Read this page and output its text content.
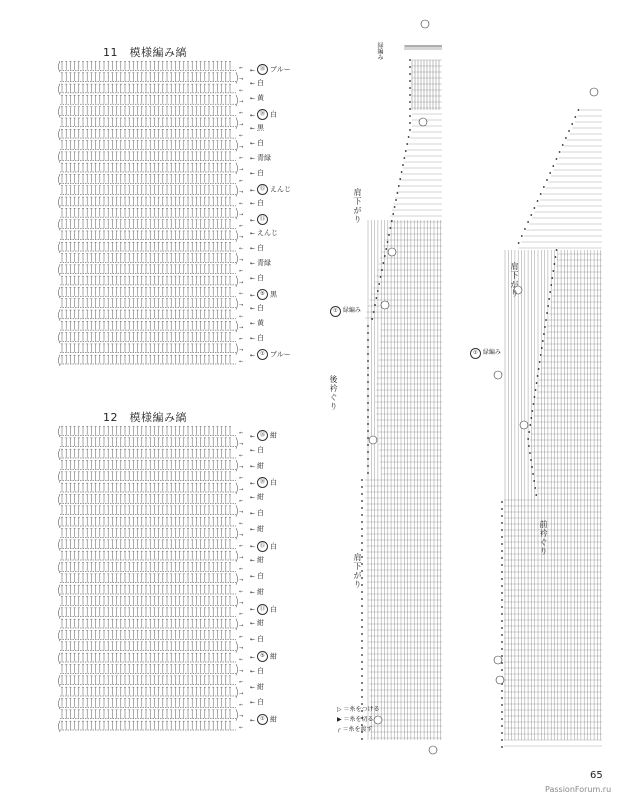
11　模様編み縞
←
→
←
→
←
→
←
→
←
→
←
→
←
→
←
→
←
→
←
→
←
→
←
→
←
→
←
← ㉖ ブルー
← 白
← 黄
← ⑳ 白
← 黒
← 白
← 青緑
← 白
← ⑮ えんじ
← 白
← ⑪
← えんじ
← 白
← 青緑
← 白
← ⑤ 黒
← 白
← 黄
← 白
← ① ブルー
12　模様編み縞
←
→
←
→
←
→
←
→
←
→
←
→
←
→
←
→
←
→
←
→
←
→
←
→
←
→
←
← ㉖ 紺
← 白
← 紺
← ⑳ 白
← 紺
← 白
← 紺
← ⑮ 白
← 紺
← 白
← 紺
← ⑪ 白
← 紺
← 白
← ⑤ 紺
← 白
← 紺
← 白
← ① 紺
緑編み
肩下がり
後衿ぐり
肩下がり
① 緑編み
肩下がり
① 緑編み
前衿ぐり
▷ ＝糸をつける
▶ ＝糸を切る
╭ ＝糸を渡す
65
PassionForum.ru
